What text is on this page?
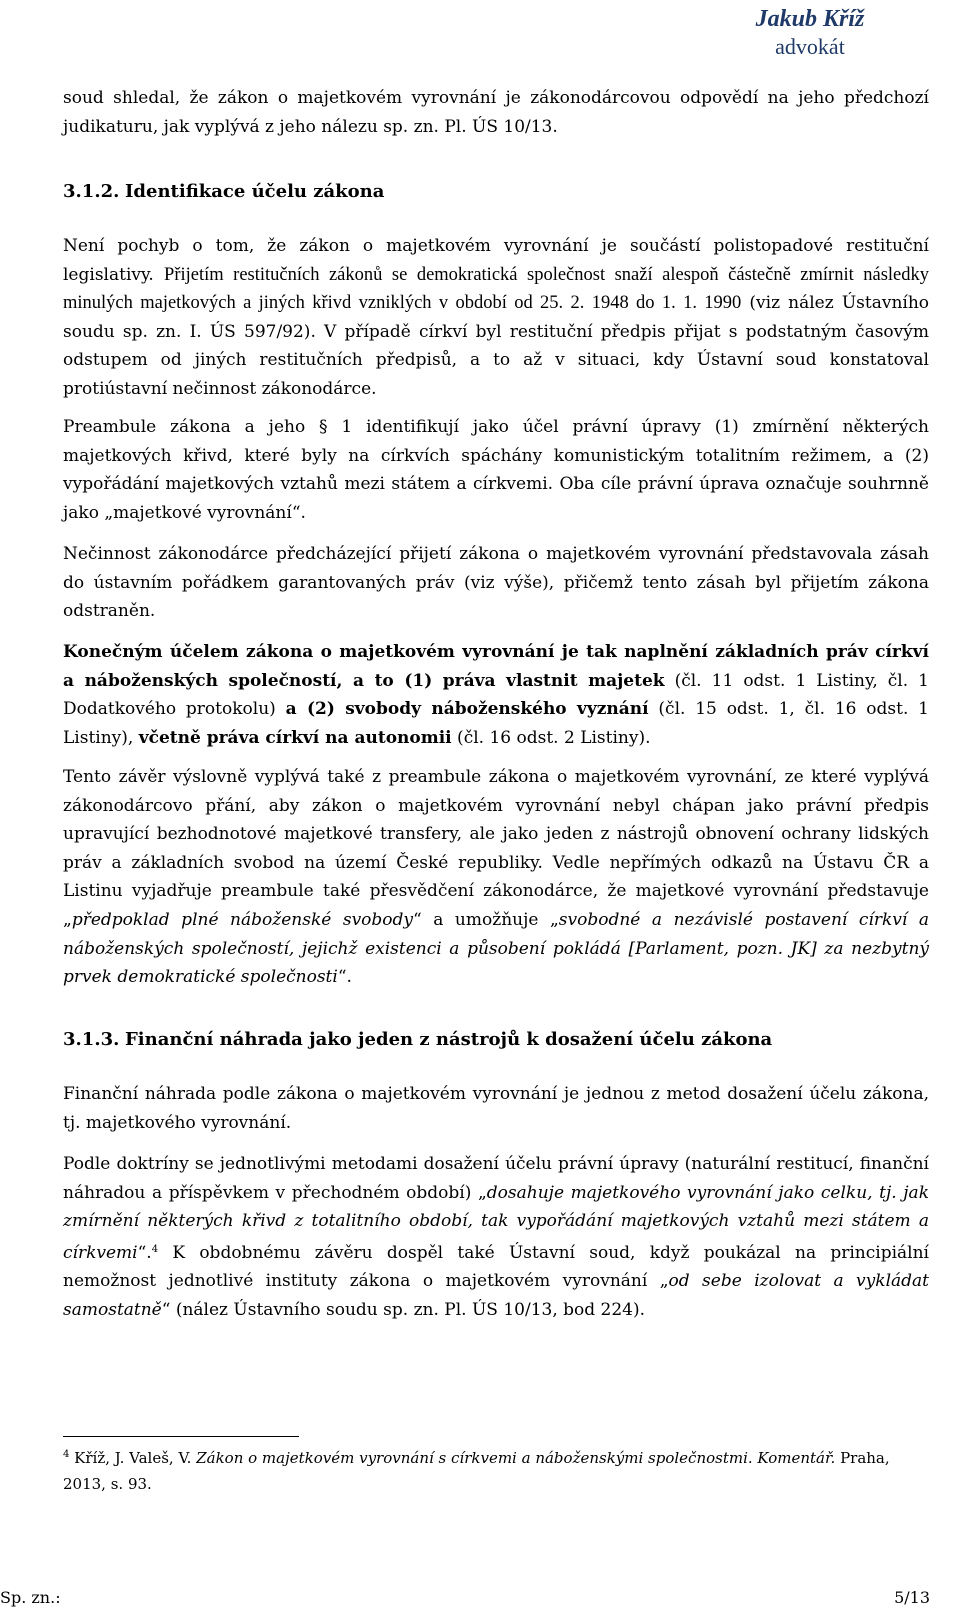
Jakub Kříž
advokát

soud shledal, že zákon o majetkovém vyrovnání je zákonodárcovou odpovědí na jeho předchozí judikaturu, jak vyplývá z jeho nálezu sp. zn. Pl. ÚS 10/13.

3.1.2. Identifikace účelu zákona

Není pochyb o tom, že zákon o majetkovém vyrovnání je součástí polistopadové restituční legislativy. Přijetím restitučních zákonů se demokratická společnost snaží alespoň částečně zmírnit následky minulých majetkových a jiných křivd vzniklých v období od 25. 2. 1948 do 1. 1. 1990 (viz nález Ústavního soudu sp. zn. I. ÚS 597/92). V případě církví byl restituční předpis přijat s podstatným časovým odstupem od jiných restitučních předpisů, a to až v situaci, kdy Ústavní soud konstatoval protiústavní nečinnost zákonodárce.

Preambule zákona a jeho § 1 identifikují jako účel právní úpravy (1) zmírnění některých majetkových křivd, které byly na církvích spáchány komunistickým totalitním režimem, a (2) vypořádání majetkových vztahů mezi státem a církvemi. Oba cíle právní úprava označuje souhrnně jako „majetkové vyrovnání“.

Nečinnost zákonodárce předcházející přijetí zákona o majetkovém vyrovnání představovala zásah do ústavním pořádkem garantovaných práv (viz výše), přičemž tento zásah byl přijetím zákona odstraněn.

Konečným účelem zákona o majetkovém vyrovnání je tak naplnění základních práv církví a náboženských společností, a to (1) práva vlastnit majetek (čl. 11 odst. 1 Listiny, čl. 1 Dodatkového protokolu) a (2) svobody náboženského vyznání (čl. 15 odst. 1, čl. 16 odst. 1 Listiny), včetně práva církví na autonomii (čl. 16 odst. 2 Listiny).

Tento závěr výslovně vyplývá také z preambule zákona o majetkovém vyrovnání, ze které vyplývá zákonodárcovo přání, aby zákon o majetkovém vyrovnání nebyl chápan jako právní předpis upravující bezhodnotové majetkové transfery, ale jako jeden z nástrojů obnovení ochrany lidských práv a základních svobod na území České republiky. Vedle nepřímých odkazů na Ústavu ČR a Listinu vyjadřuje preambule také přesvědčení zákonodárce, že majetkové vyrovnání představuje „předpoklad plné náboženské svobody“ a umožňuje „svobodné a nezávislé postavení církví a náboženských společností, jejichž existenci a působení pokládá [Parlament, pozn. JK] za nezbytný prvek demokratické společnosti“.

3.1.3. Finanční náhrada jako jeden z nástrojů k dosažení účelu zákona

Finanční náhrada podle zákona o majetkovém vyrovnání je jednou z metod dosažení účelu zákona, tj. majetkového vyrovnání.

Podle doktríny se jednotlivými metodami dosažení účelu právní úpravy (naturální restitucí, finanční náhradou a příspěvkem v přechodném období) „dosahuje majetkového vyrovnání jako celku, tj. jak zmírnění některých křivd z totalitního období, tak vypořádání majetkových vztahů mezi státem a církvemi“.$^4$ K obdobnému závěru dospěl také Ústavní soud, když poukázal na principiální nemožnost jednotlivé instituty zákona o majetkovém vyrovnání „od sebe izolovat a vykládat samostatně“ (nález Ústavního soudu sp. zn. Pl. ÚS 10/13, bod 224).

$^4$ Kříž, J. Valeš, V. Zákon o majetkovém vyrovnání s církvemi a náboženskými společnostmi. Komentář. Praha, 2013, s. 93.
Sp. zn.:	5/13
